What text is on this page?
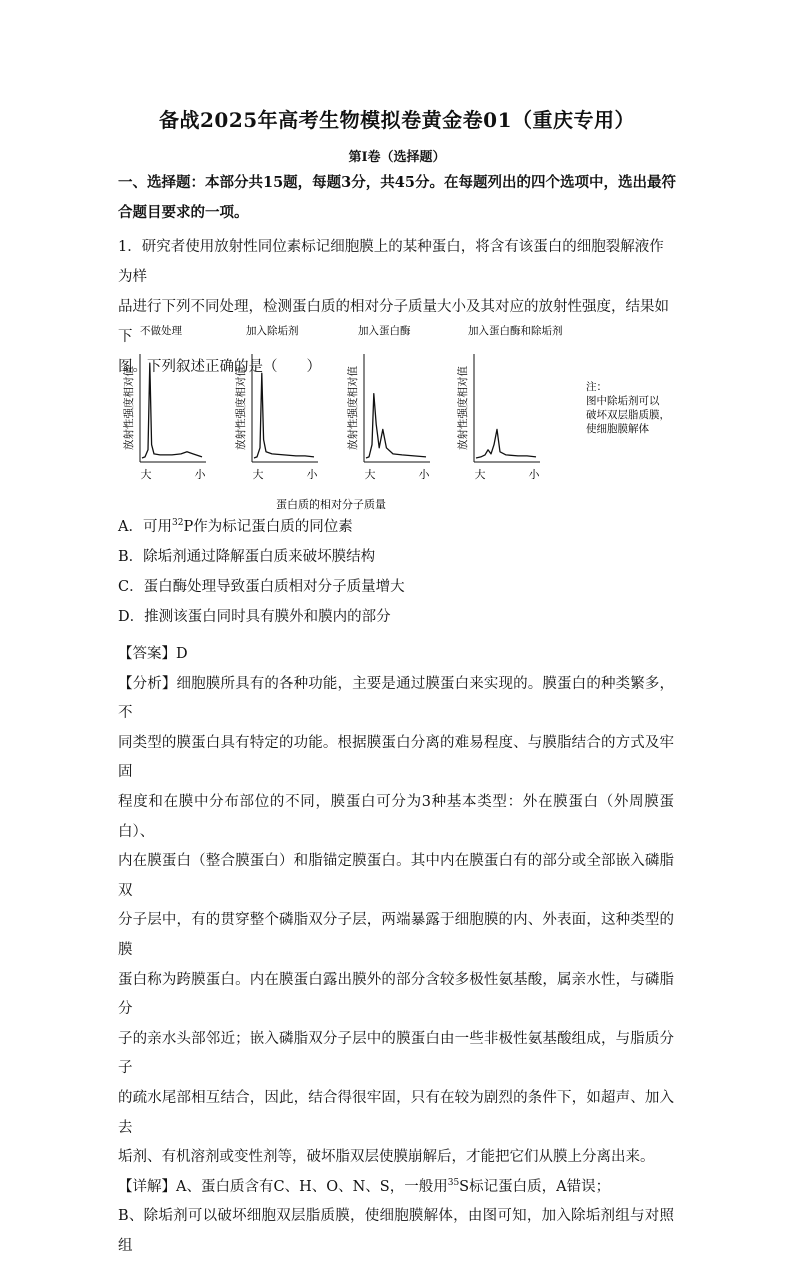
备战2025年高考生物模拟卷黄金卷01（重庆专用）
第I卷（选择题）

一、选择题：本部分共15题，每题3分，共45分。在每题列出的四个选项中，选出最符

合题目要求的一项。

1．研究者使用放射性同位素标记细胞膜上的某种蛋白，将含有该蛋白的细胞裂解液作为样

品进行下列不同处理，检测蛋白质的相对分子质量大小及其对应的放射性强度，结果如下

图。下列叙述正确的是（　　）

注：
图中除垢剂可以
破坏双层脂质膜，
使细胞膜解体
蛋白质的相对分子质量
不做处理
放射性强度相对值
大	小
加入除垢剂
放射性强度相对值
大	小
加入蛋白酶
放射性强度相对值
大	小
加入蛋白酶和除垢剂
放射性强度相对值
大	小

A．可用$^{32}$P作为标记蛋白质的同位素

B．除垢剂通过降解蛋白质来破坏膜结构

C．蛋白酶处理导致蛋白质相对分子质量增大

D．推测该蛋白同时具有膜外和膜内的部分

【答案】D

【分析】细胞膜所具有的各种功能，主要是通过膜蛋白来实现的。膜蛋白的种类繁多，不

同类型的膜蛋白具有特定的功能。根据膜蛋白分离的难易程度、与膜脂结合的方式及牢固

程度和在膜中分布部位的不同，膜蛋白可分为3种基本类型：外在膜蛋白（外周膜蛋白）、

内在膜蛋白（整合膜蛋白）和脂锚定膜蛋白。其中内在膜蛋白有的部分或全部嵌入磷脂双

分子层中，有的贯穿整个磷脂双分子层，两端暴露于细胞膜的内、外表面，这种类型的膜

蛋白称为跨膜蛋白。内在膜蛋白露出膜外的部分含较多极性氨基酸，属亲水性，与磷脂分

子的亲水头部邻近；嵌入磷脂双分子层中的膜蛋白由一些非极性氨基酸组成，与脂质分子

的疏水尾部相互结合，因此，结合得很牢固，只有在较为剧烈的条件下，如超声、加入去

垢剂、有机溶剂或变性剂等，破坏脂双层使膜崩解后，才能把它们从膜上分离出来。

【详解】A、蛋白质含有C、H、O、N、S，一般用$^{35}$S标记蛋白质，A错误；

B、除垢剂可以破坏细胞双层脂质膜，使细胞膜解体，由图可知，加入除垢剂组与对照组
